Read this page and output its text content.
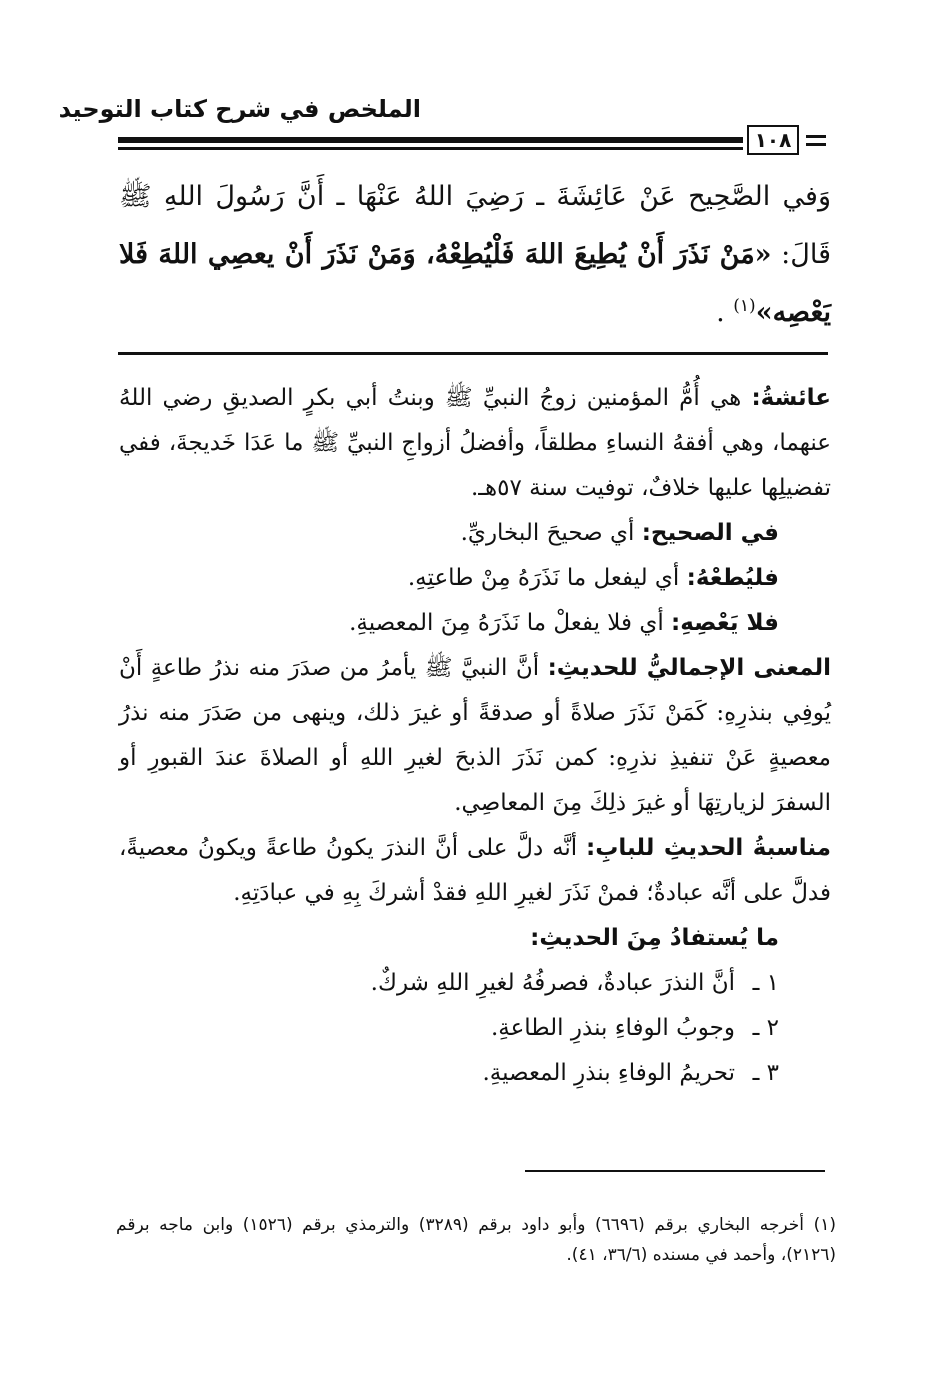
الملخص في شرح كتاب التوحيد
١٠٨
وَفي الصَّحِيح عَنْ عَائِشَةَ ـ رَضِيَ اللهُ عَنْهَا ـ أَنَّ رَسُولَ اللهِ ﷺ قَالَ: «مَنْ نَذَرَ أَنْ يُطِيعَ اللهَ فَلْيُطِعْهُ، وَمَنْ نَذَرَ أَنْ يعصِي اللهَ فَلا يَعْصِه»$^{(١)}$ .

عائشةُ: هي أُمُّ المؤمنين زوجُ النبيِّ ﷺ وبنتُ أبي بكرٍ الصديقِ رضي اللهُ عنهما، وهي أفقهُ النساءِ مطلقاً، وأفضلُ أزواجِ النبيِّ ﷺ ما عَدَا خَديجةَ، ففي تفضيلِها عليها خلافٌ، توفيت سنة ٥٧هـ.

في الصحيح: أي صحيحَ البخاريِّ.

فليُطعْهُ: أي ليفعل ما نَذَرَهُ مِنْ طاعتِهِ.

فلا يَعْصِهِ: أي فلا يفعلْ ما نَذَرَهُ مِنَ المعصيةِ.

المعنى الإجماليُّ للحديثِ: أنَّ النبيَّ ﷺ يأمرُ من صدَرَ منه نذرُ طاعةٍ أَنْ يُوفِي بنذرِهِ: كَمَنْ نَذَرَ صلاةً أو صدقةً أو غيرَ ذلك، وينهى من صَدَرَ منه نذرُ معصيةٍ عَنْ تنفيذِ نذرِهِ: كمن نَذَرَ الذبحَ لغيرِ اللهِ أو الصلاةَ عندَ القبورِ أو السفرَ لزيارتِهَا أو غيرَ ذلِكَ مِنَ المعاصِي.

مناسبةُ الحديثِ للبابِ: أنَّه دلَّ على أنَّ النذرَ يكونُ طاعةً ويكونُ معصيةً، فدلَّ على أنَّه عبادةٌ؛ فمنْ نَذَرَ لغيرِ اللهِ فقدْ أشركَ بِهِ في عبادَتِهِ.

ما يُستفادُ مِنَ الحديثِ:

١ ـأنَّ النذرَ عبادةٌ، فصرفُهُ لغيرِ اللهِ شركٌ.

٢ ـوجوبُ الوفاءِ بنذرِ الطاعةِ.

٣ ـتحريمُ الوفاءِ بنذرِ المعصيةِ.

(١) أخرجه البخاري برقم (٦٦٩٦) وأبو داود برقم (٣٢٨٩) والترمذي برقم (١٥٢٦) وابن ماجه برقم (٢١٢٦)، وأحمد في مسنده (٣٦/٦، ٤١).
